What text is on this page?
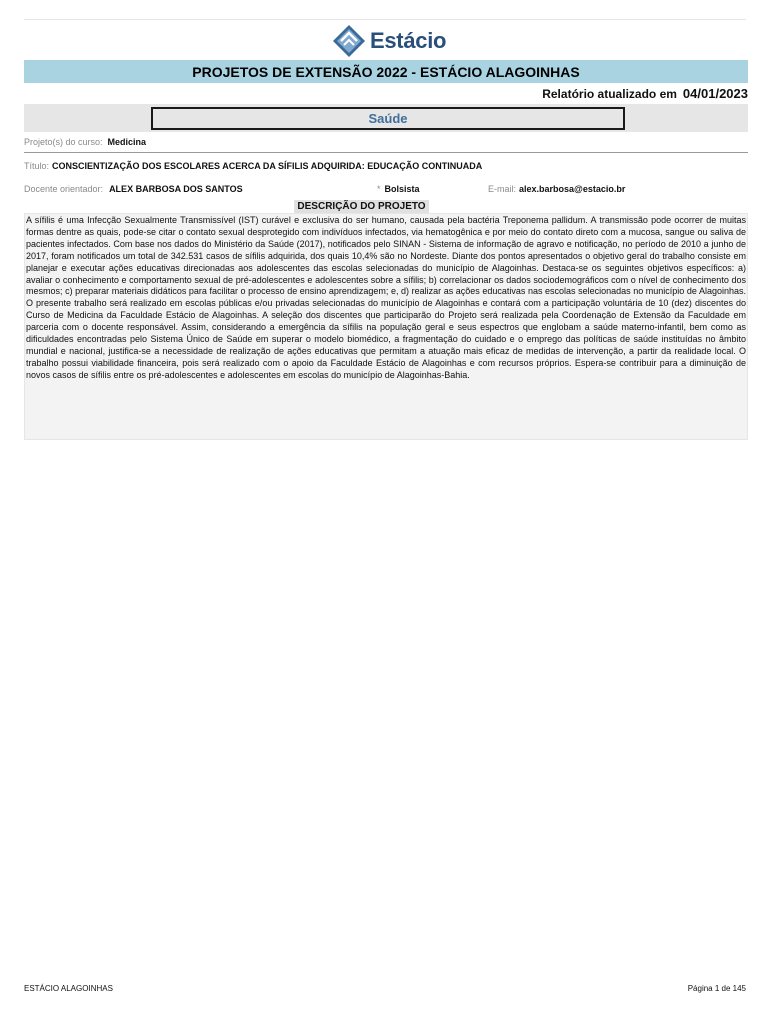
Estácio
PROJETOS DE EXTENSÃO 2022 - ESTÁCIO ALAGOINHAS
Relatório atualizado em 04/01/2023
Saúde
Projeto(s) do curso: Medicina
Título: CONSCIENTIZAÇÃO DOS ESCOLARES ACERCA DA SÍFILIS ADQUIRIDA: EDUCAÇÃO CONTINUADA
Docente orientador: ALEX BARBOSA DOS SANTOS	* Bolsista	E-mail: alex.barbosa@estacio.br
DESCRIÇÃO DO PROJETO
A sífilis é uma Infecção Sexualmente Transmissível (IST) curável e exclusiva do ser humano, causada pela bactéria Treponema pallidum. A transmissão pode ocorrer de muitas formas dentre as quais, pode-se citar o contato sexual desprotegido com indivíduos infectados, via hematogênica e por meio do contato direto com a mucosa, sangue ou saliva de pacientes infectados. Com base nos dados do Ministério da Saúde (2017), notificados pelo SINAN - Sistema de informação de agravo e notificação, no período de 2010 a junho de 2017, foram notificados um total de 342.531 casos de sífilis adquirida, dos quais 10,4% são no Nordeste. Diante dos pontos apresentados o objetivo geral do trabalho consiste em planejar e executar ações educativas direcionadas aos adolescentes das escolas selecionadas do município de Alagoinhas. Destaca-se os seguintes objetivos específicos: a) avaliar o conhecimento e comportamento sexual de pré-adolescentes e adolescentes sobre a sífilis; b) correlacionar os dados sociodemográficos com o nível de conhecimento dos mesmos; c) preparar materiais didáticos para facilitar o processo de ensino aprendizagem; e, d) realizar as ações educativas nas escolas selecionadas no município de Alagoinhas. O presente trabalho será realizado em escolas públicas e/ou privadas selecionadas do município de Alagoinhas e contará com a participação voluntária de 10 (dez) discentes do Curso de Medicina da Faculdade Estácio de Alagoinhas. A seleção dos discentes que participarão do Projeto será realizada pela Coordenação de Extensão da Faculdade em parceria com o docente responsável. Assim, considerando a emergência da sífilis na população geral e seus espectros que englobam a saúde materno-infantil, bem como as dificuldades encontradas pelo Sistema Único de Saúde em superar o modelo biomédico, a fragmentação do cuidado e o emprego das políticas de saúde instituídas no âmbito mundial e nacional, justifica-se a necessidade de realização de ações educativas que permitam a atuação mais eficaz de medidas de intervenção, a partir da realidade local. O trabalho possui viabilidade financeira, pois será realizado com o apoio da Faculdade Estácio de Alagoinhas e com recursos próprios. Espera-se contribuir para a diminuição de novos casos de sífilis entre os pré-adolescentes e adolescentes em escolas do município de Alagoinhas-Bahia.
ESTÁCIO ALAGOINHAS	Página 1 de 145
